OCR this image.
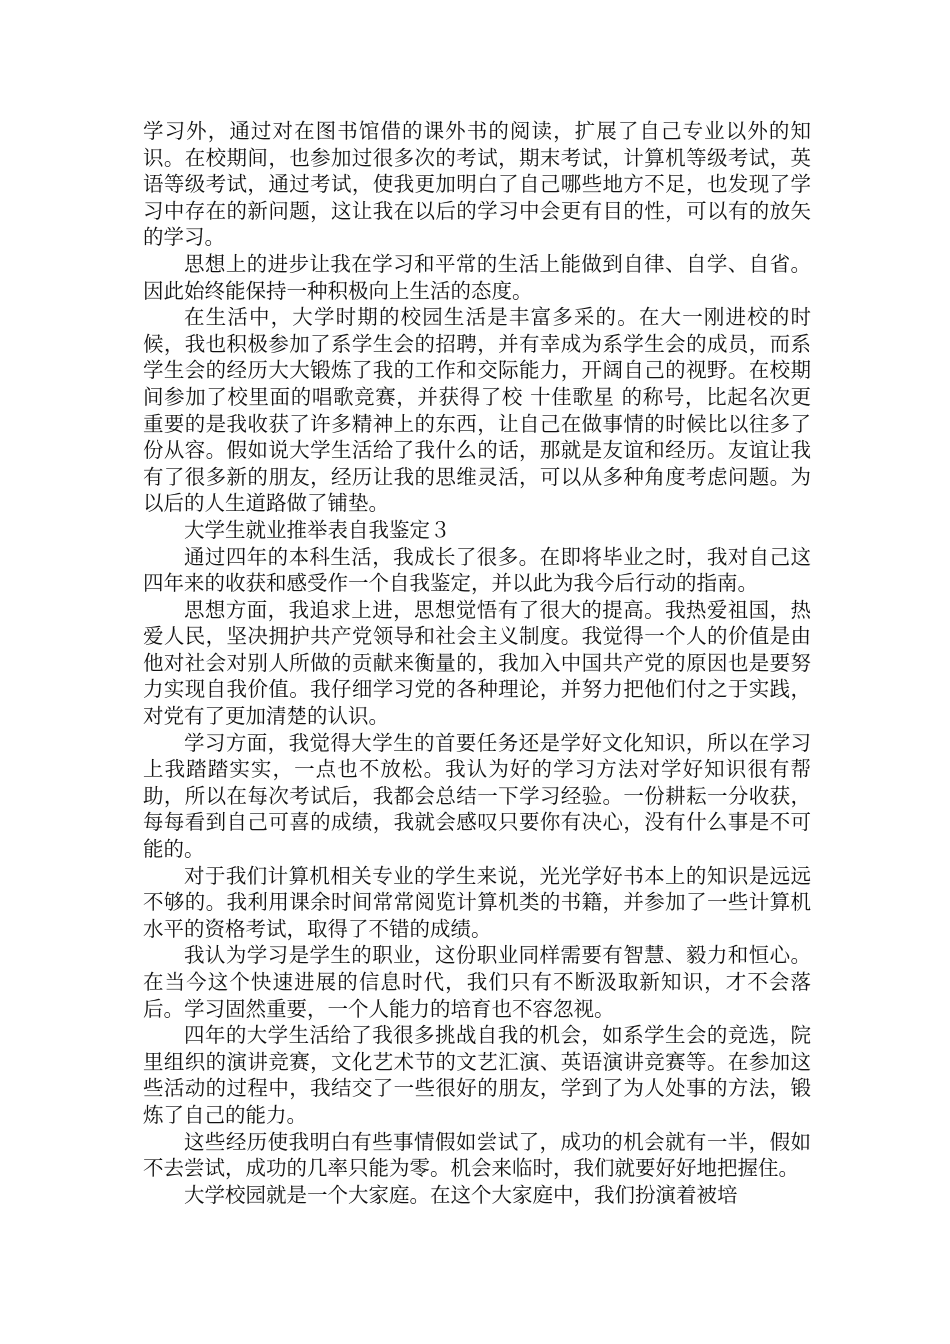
学习外，通过对在图书馆借的课外书的阅读，扩展了自己专业以外的知识。在校期间，也参加过很多次的考试，期末考试，计算机等级考试，英语等级考试，通过考试，使我更加明白了自己哪些地方不足，也发现了学习中存在的新问题，这让我在以后的学习中会更有目的性，可以有的放矢的学习。

思想上的进步让我在学习和平常的生活上能做到自律、自学、自省。因此始终能保持一种积极向上生活的态度。

在生活中，大学时期的校园生活是丰富多采的。在大一刚进校的时候，我也积极参加了系学生会的招聘，并有幸成为系学生会的成员，而系学生会的经历大大锻炼了我的工作和交际能力，开阔自己的视野。在校期间参加了校里面的唱歌竞赛，并获得了校 十佳歌星 的称号，比起名次更重要的是我收获了许多精神上的东西，让自己在做事情的时候比以往多了份从容。假如说大学生活给了我什么的话，那就是友谊和经历。友谊让我有了很多新的朋友，经历让我的思维灵活，可以从多种角度考虑问题。为以后的人生道路做了铺垫。

大学生就业推举表自我鉴定３

通过四年的本科生活，我成长了很多。在即将毕业之时，我对自己这四年来的收获和感受作一个自我鉴定，并以此为我今后行动的指南。

思想方面，我追求上进，思想觉悟有了很大的提高。我热爱祖国，热爱人民，坚决拥护共产党领导和社会主义制度。我觉得一个人的价值是由他对社会对别人所做的贡献来衡量的，我加入中国共产党的原因也是要努力实现自我价值。我仔细学习党的各种理论，并努力把他们付之于实践，对党有了更加清楚的认识。

学习方面，我觉得大学生的首要任务还是学好文化知识，所以在学习上我踏踏实实，一点也不放松。我认为好的学习方法对学好知识很有帮助，所以在每次考试后，我都会总结一下学习经验。一份耕耘一分收获，每每看到自己可喜的成绩，我就会感叹只要你有决心，没有什么事是不可能的。

对于我们计算机相关专业的学生来说，光光学好书本上的知识是远远不够的。我利用课余时间常常阅览计算机类的书籍，并参加了一些计算机水平的资格考试，取得了不错的成绩。

我认为学习是学生的职业，这份职业同样需要有智慧、毅力和恒心。在当今这个快速进展的信息时代，我们只有不断汲取新知识，才不会落后。学习固然重要，一个人能力的培育也不容忽视。

四年的大学生活给了我很多挑战自我的机会，如系学生会的竞选，院里组织的演讲竞赛，文化艺术节的文艺汇演、英语演讲竞赛等。在参加这些活动的过程中，我结交了一些很好的朋友，学到了为人处事的方法，锻炼了自己的能力。

这些经历使我明白有些事情假如尝试了，成功的机会就有一半，假如不去尝试，成功的几率只能为零。机会来临时，我们就要好好地把握住。

大学校园就是一个大家庭。在这个大家庭中，我们扮演着被培
